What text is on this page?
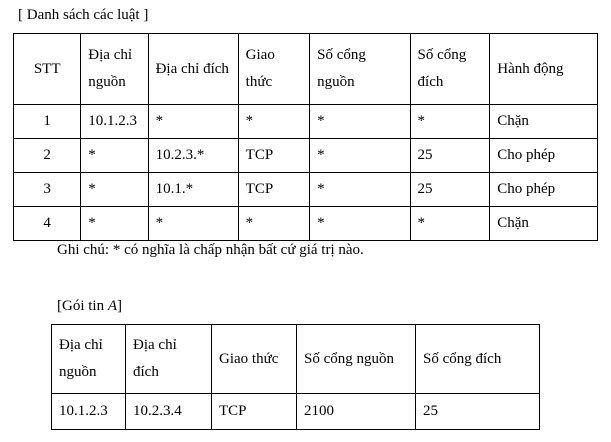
[ Danh sách các luật ]
STT	Địa chỉ nguồn	Địa chỉ đích	Giao thức	Số cổng nguồn	Số cổng đích	Hành động
1	10.1.2.3	*	*	*	*	Chặn
2	*	10.2.3.*	TCP	*	25	Cho phép
3	*	10.1.*	TCP	*	25	Cho phép
4	*	*	*	*	*	Chặn
Ghi chú: * có nghĩa là chấp nhận bất cứ giá trị nào.
[Gói tin A]
Địa chỉ nguồn	Địa chỉ đích	Giao thức	Số cổng nguồn	Số cổng đích
10.1.2.3	10.2.3.4	TCP	2100	25
